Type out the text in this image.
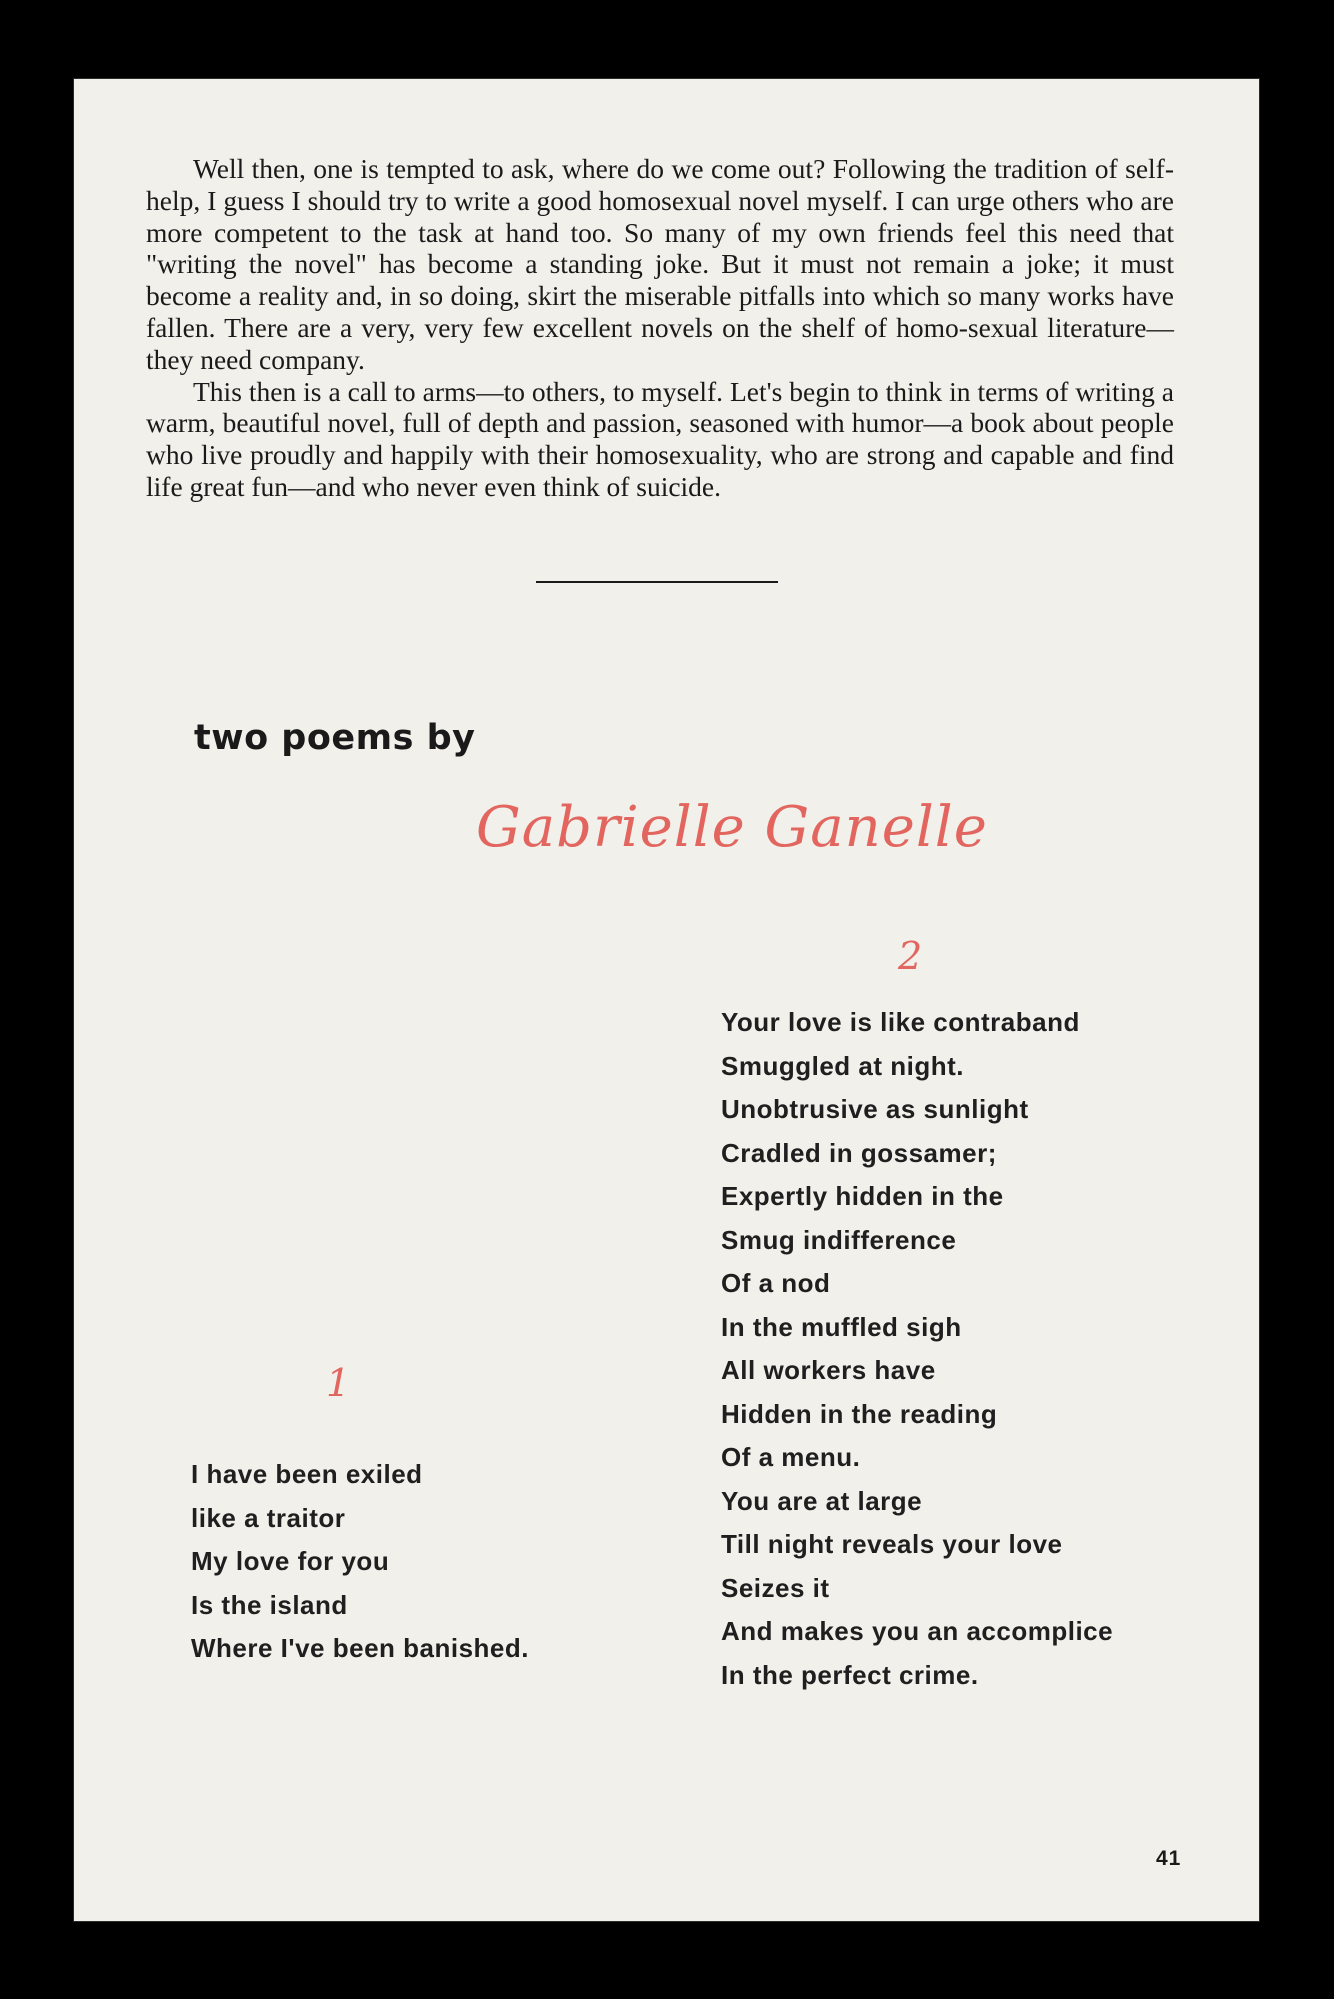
Well then, one is tempted to ask, where do we come out? Following the tradition of self-help, I guess I should try to write a good homosexual novel myself. I can urge others who are more competent to the task at hand too. So many of my own friends feel this need that "writing the novel" has become a standing joke. But it must not remain a joke; it must become a reality and, in so doing, skirt the miserable pitfalls into which so many works have fallen. There are a very, very few excellent novels on the shelf of homo-sexual literature—they need company.

This then is a call to arms—to others, to myself. Let's begin to think in terms of writing a warm, beautiful novel, full of depth and passion, seasoned with humor—a book about people who live proudly and happily with their homosexuality, who are strong and capable and find life great fun—and who never even think of suicide.

two poems by
Gabrielle Ganelle
2
Your love is like contraband
Smuggled at night.
Unobtrusive as sunlight
Cradled in gossamer;
Expertly hidden in the
Smug indifference
Of a nod
In the muffled sigh
All workers have
Hidden in the reading
Of a menu.
You are at large
Till night reveals your love
Seizes it
And makes you an accomplice
In the perfect crime.
1
I have been exiled
like a traitor
My love for you
Is the island
Where I've been banished.
41
